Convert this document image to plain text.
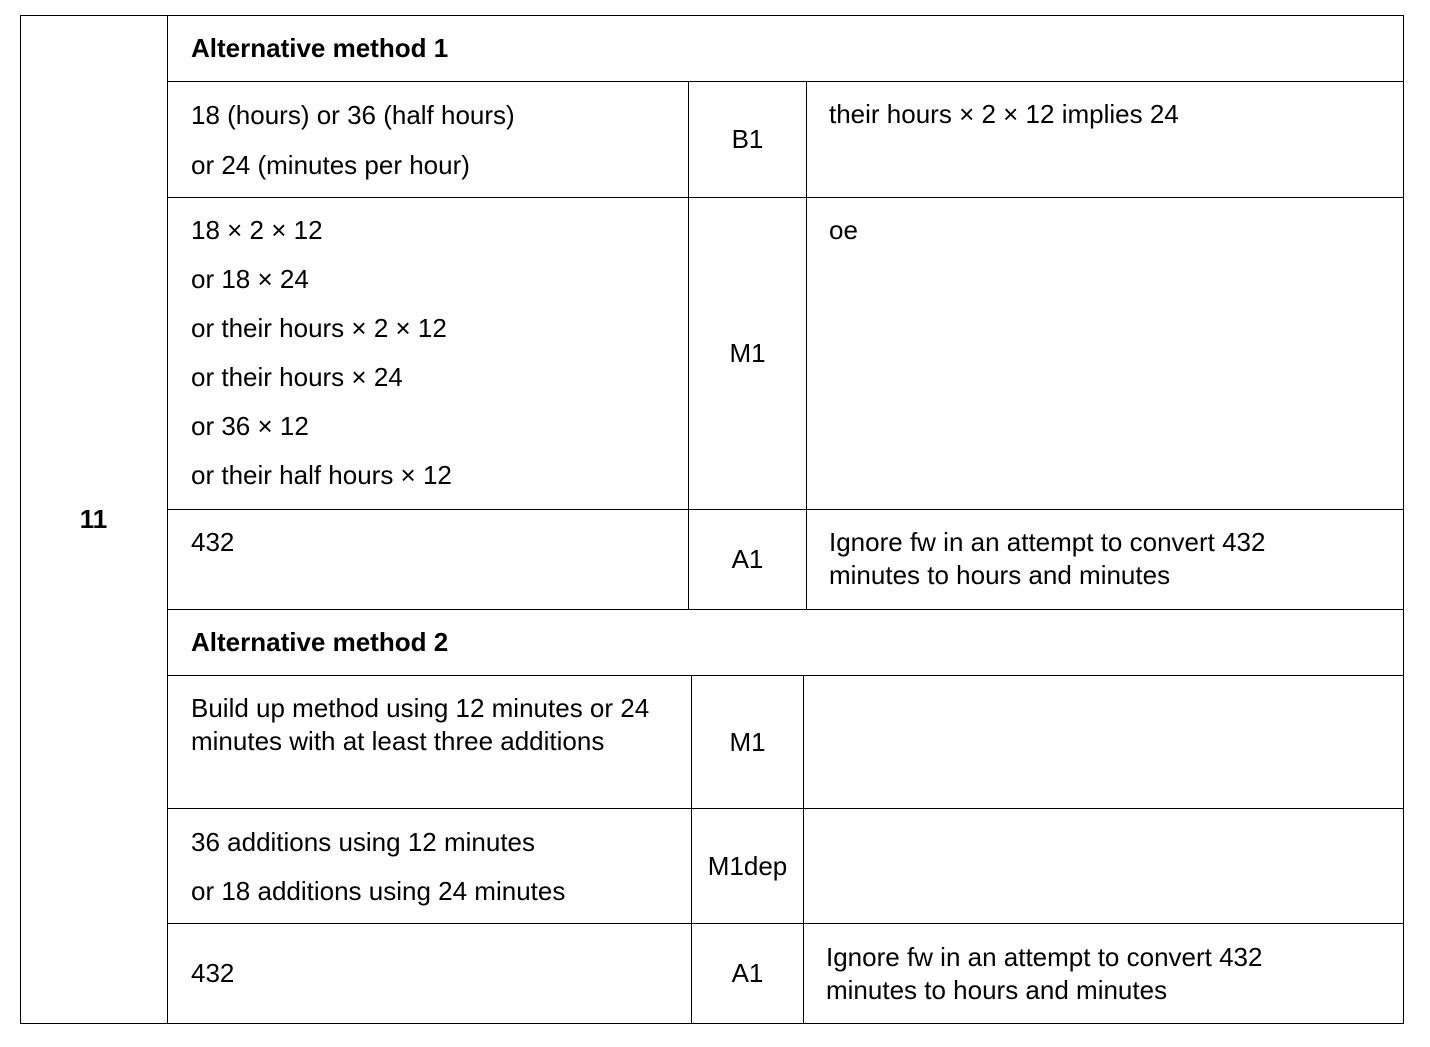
11
Alternative method 1
18 (hours) or 36 (half hours)
or 24 (minutes per hour)
B1
their hours × 2 × 12 implies 24
18 × 2 × 12
or 18 × 24
or their hours × 2 × 12
or their hours × 24
or 36 × 12
or their half hours × 12
M1
oe
432
A1
Ignore fw in an attempt to convert 432 minutes to hours and minutes
Alternative method 2
Build up method using 12 minutes or 24 minutes with at least three additions	M1
36 additions using 12 minutes
or 18 additions using 24 minutes
M1dep
432	A1
Ignore fw in an attempt to convert 432 minutes to hours and minutes
